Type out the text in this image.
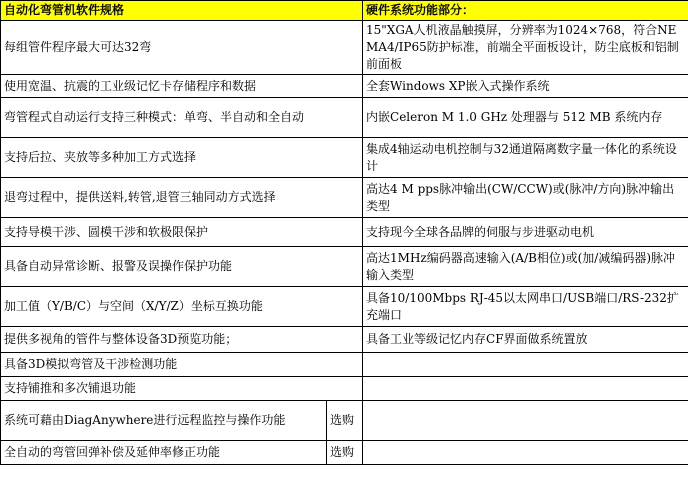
自动化弯管机软件规格		硬件系统功能部分：
每组管件程序最大可达32弯		15"XGA人机液晶触摸屏，分辨率为1024×768，符合NEMA4/IP65防护标准，前端全平面板设计，防尘底板和铝制前面板
使用宽温、抗震的工业级记忆卡存储程序和数据		全套Windows XP嵌入式操作系统
弯管程式自动运行支持三种模式：单弯、半自动和全自动		内嵌Celeron M 1.0 GHz 处理器与 512 MB 系统内存
支持后拉、夹放等多种加工方式选择		集成4轴运动电机控制与32通道隔离数字量一体化的系统设计
退弯过程中，提供送料,转管,退管三轴同动方式选择		高达4 M pps脉冲输出(CW/CCW)或(脉冲/方向)脉冲输出类型
支持导模干涉、圆模干涉和软极限保护		支持现今全球各品牌的伺服与步进驱动电机
具备自动异常诊断、报警及误操作保护功能		高达1MHz编码器高速输入(A/B相位)或(加/减编码器)脉冲输入类型
加工值（Y/B/C）与空间（X/Y/Z）坐标互换功能		具备10/100Mbps RJ-45以太网串口/USB端口/RS-232扩充端口
提供多视角的管件与整体设备3D预览功能；		具备工业等级记忆内存CF界面做系统置放
具备3D模拟弯管及干涉检测功能		
支持铺推和多次铺退功能		
系统可藉由DiagAnywhere进行远程监控与操作功能	选购	
全自动的弯管回弹补偿及延伸率修正功能	选购	
